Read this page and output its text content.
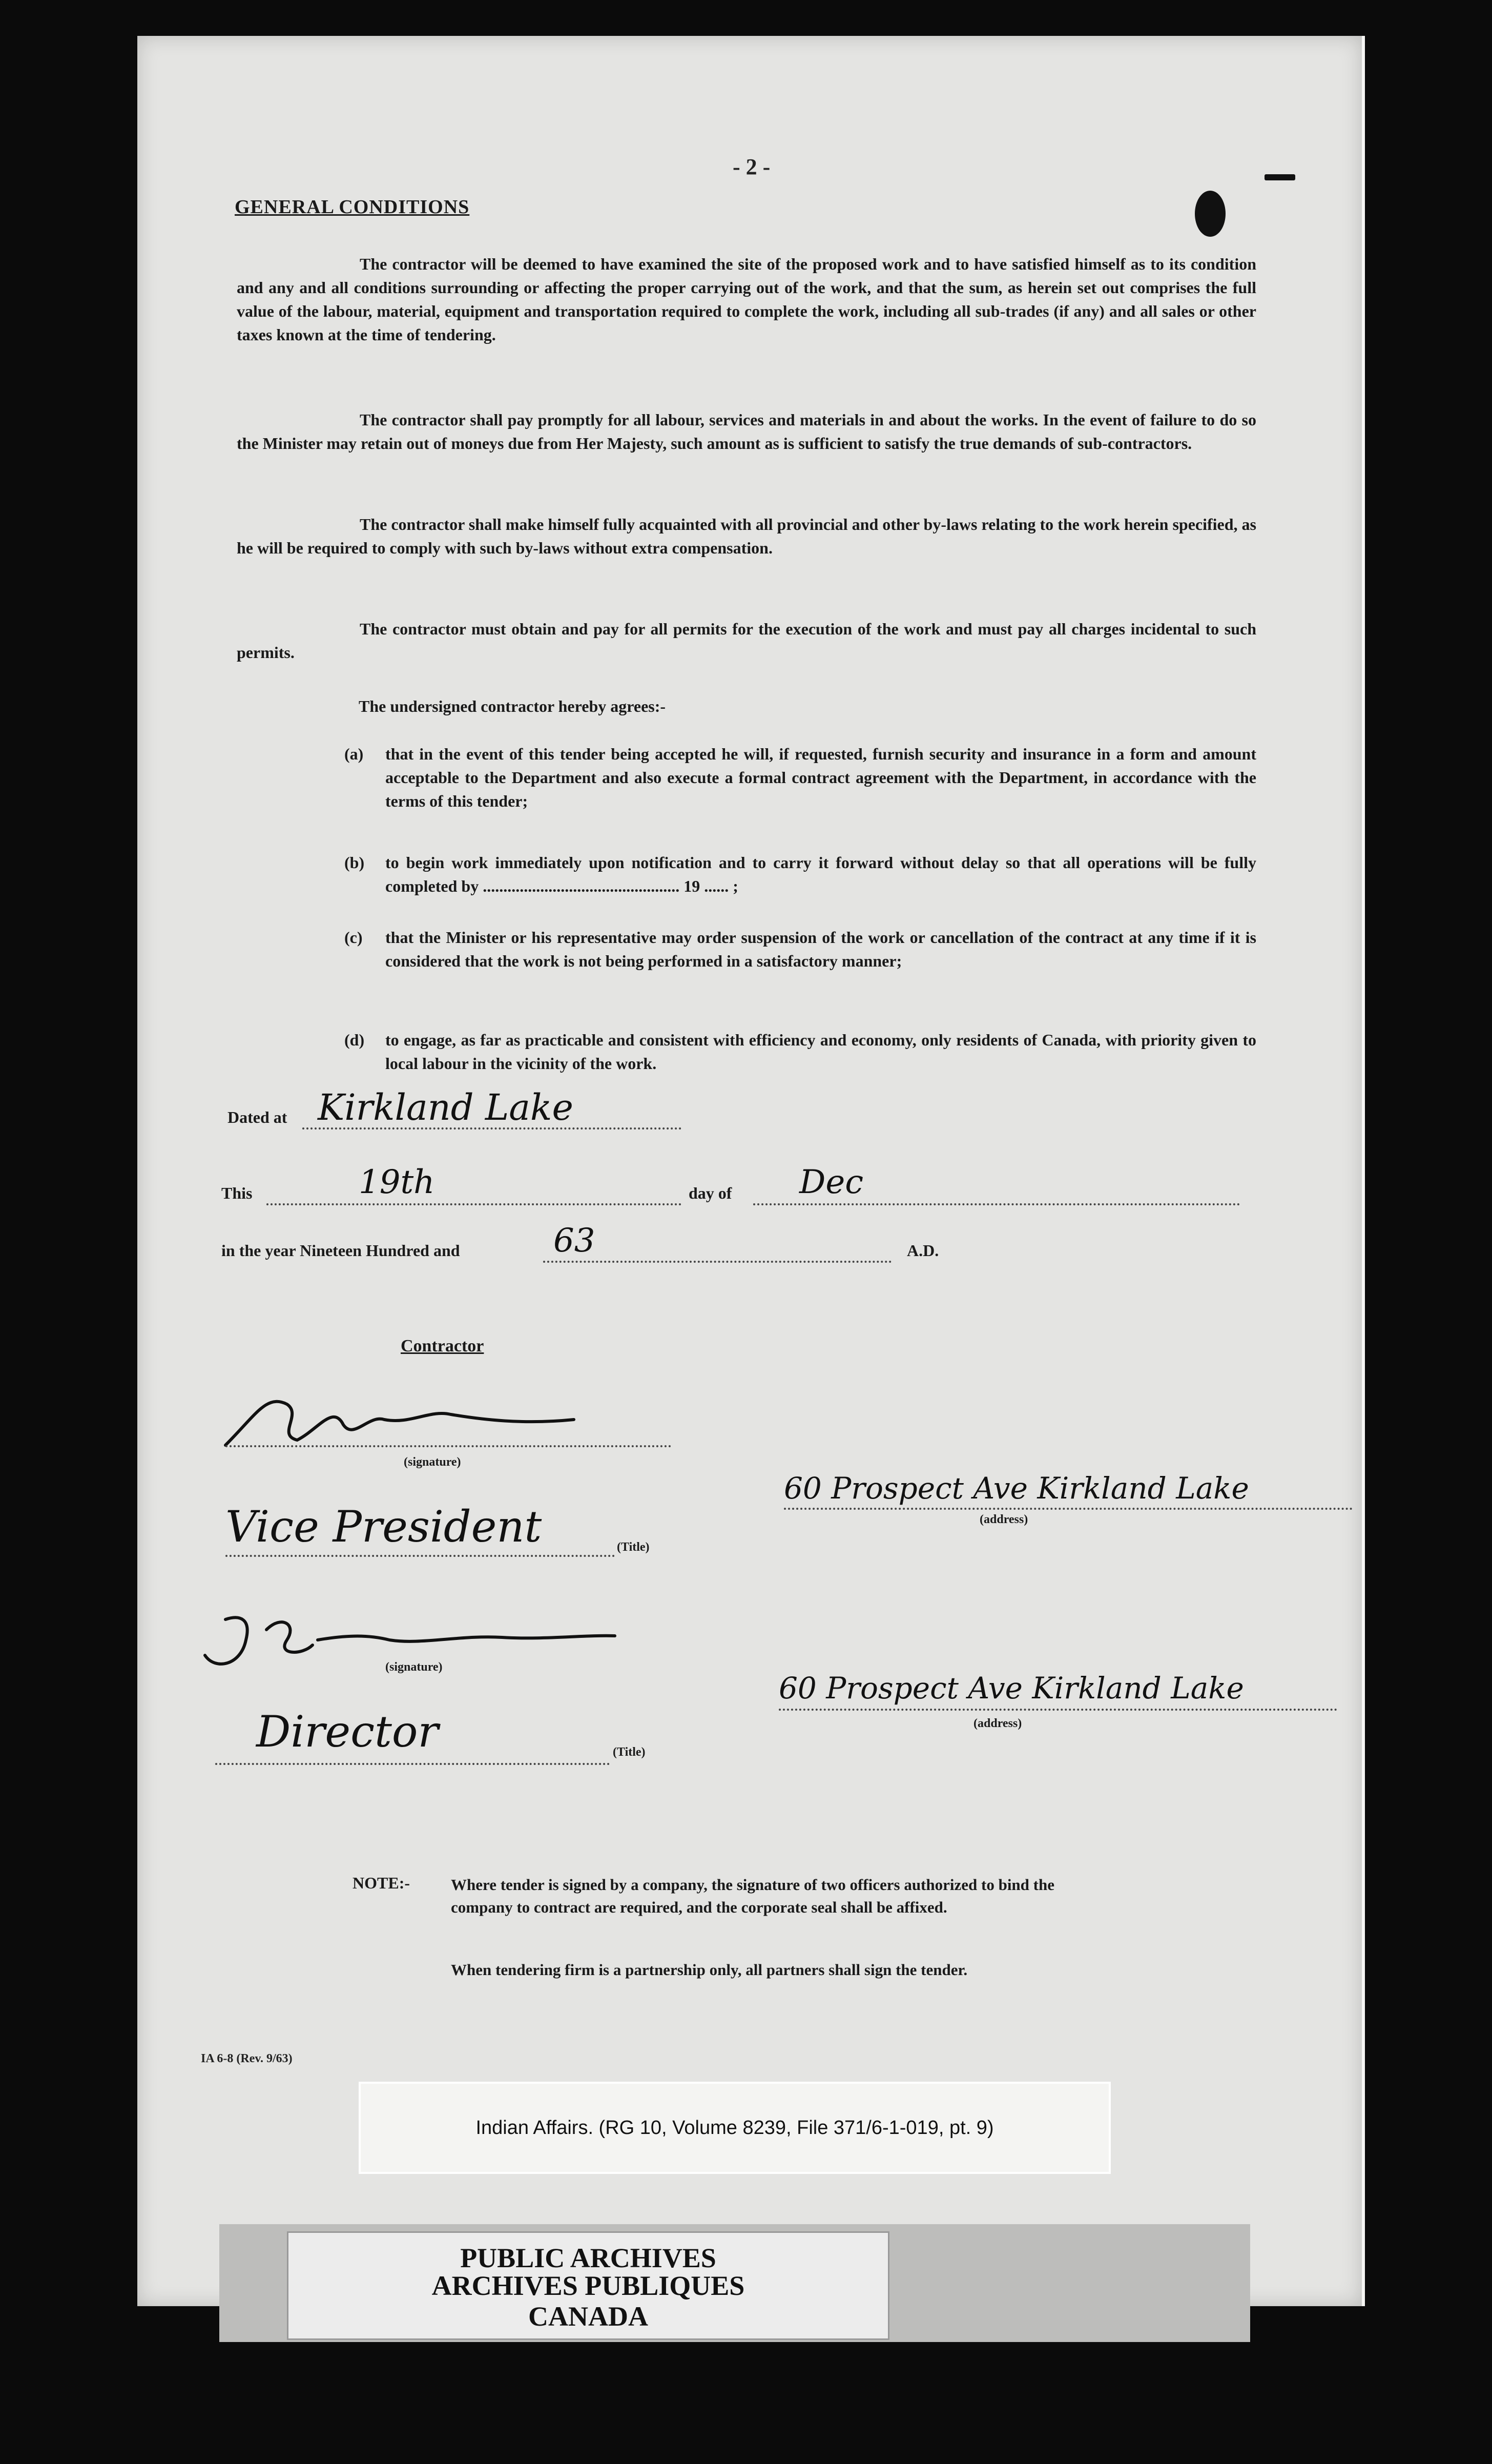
- 2 -
GENERAL CONDITIONS
The contractor will be deemed to have examined the site of the proposed work and to have satisfied himself as to its condition and any and all conditions surrounding or affecting the proper carrying out of the work, and that the sum, as herein set out comprises the full value of the labour, material, equipment and transportation required to complete the work, including all sub-trades (if any) and all sales or other taxes known at the time of tendering.
The contractor shall pay promptly for all labour, services and materials in and about the works. In the event of failure to do so the Minister may retain out of moneys due from Her Majesty, such amount as is sufficient to satisfy the true demands of sub-contractors.
The contractor shall make himself fully acquainted with all provincial and other by-laws relating to the work herein specified, as he will be required to comply with such by-laws without extra compensation.
The contractor must obtain and pay for all permits for the execution of the work and must pay all charges incidental to such permits.
The undersigned contractor hereby agrees:-
(a) that in the event of this tender being accepted he will, if requested, furnish security and insurance in a form and amount acceptable to the Department and also execute a formal contract agreement with the Department, in accordance with the terms of this tender;
(b) to begin work immediately upon notification and to carry it forward without delay so that all operations will be fully completed by ................................................ 19 ...... ;
(c) that the Minister or his representative may order suspension of the work or cancellation of the contract at any time if it is considered that the work is not being performed in a satisfactory manner;
(d) to engage, as far as practicable and consistent with efficiency and economy, only residents of Canada, with priority given to local labour in the vicinity of the work.
Dated at Kirkland Lake
This	19th	day of Dec
in the year Nineteen Hundred and	63	A.D.
Contractor
(signature)
Vice President	(Title)
60 Prospect Ave Kirkland Lake
(address)
(signature)
Director	(Title)
60 Prospect Ave Kirkland Lake
(address)
NOTE:-	Where tender is signed by a company, the signature of two officers authorized to bind the company to contract are required, and the corporate seal shall be affixed.
When tendering firm is a partnership only, all partners shall sign the tender.
IA 6-8 (Rev. 9/63)
Indian Affairs. (RG 10, Volume 8239, File 371/6-1-019, pt. 9)
PUBLIC ARCHIVES
ARCHIVES PUBLIQUES
CANADA
